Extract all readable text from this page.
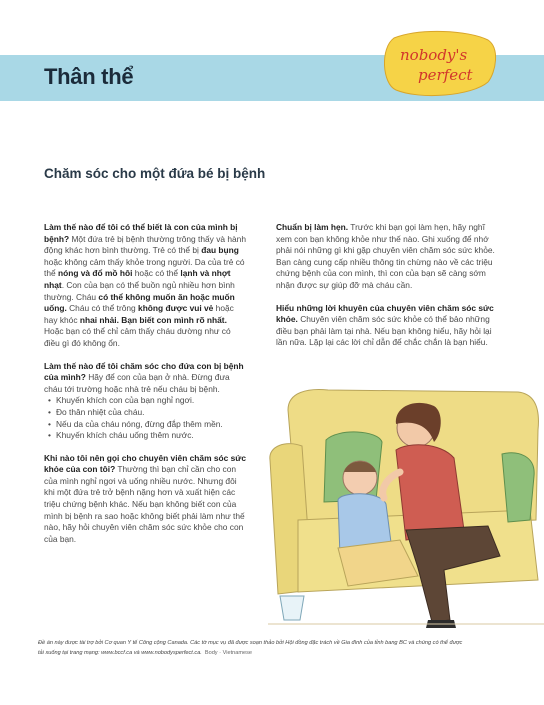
Thân thể
nobody's
perfect
Chăm sóc cho một đứa bé bị bệnh

Làm thế nào để tôi có thể biết là con của mình bị bệnh? Một đứa trẻ bị bệnh thường trông thấy và hành động khác hơn bình thường. Trẻ có thể bị đau bụng hoặc không cảm thấy khỏe trong người. Da của trẻ có thể nóng và đổ mồ hôi hoặc có thể lạnh và nhợt nhạt. Con của bạn có thể buồn ngủ nhiều hơn bình thường. Cháu có thể không muốn ăn hoặc muốn uống. Cháu có thể trông không được vui vẻ hoặc hay khóc nhai nhải. Bạn biết con mình rõ nhất. Hoặc bạn có thể chỉ cảm thấy cháu dường như có điều gì đó không ổn.

Làm thế nào để tôi chăm sóc cho đứa con bị bệnh của mình? Hãy để con của bạn ở nhà. Đừng đưa cháu tới trường hoặc nhà trẻ nếu cháu bị bệnh.

• Khuyến khích con của bạn nghỉ ngơi.
• Đo thân nhiệt của cháu.
• Nếu da của cháu nóng, đừng đắp thêm mền.
• Khuyến khích cháu uống thêm nước.

Khi nào tôi nên gọi cho chuyên viên chăm sóc sức khỏe của con tôi? Thường thì bạn chỉ cần cho con của mình nghỉ ngơi và uống nhiều nước. Nhưng đôi khi một đứa trẻ trở bệnh nặng hơn và xuất hiện các triệu chứng bệnh khác. Nếu bạn không biết con của mình bị bệnh ra sao hoặc không biết phải làm như thế nào, hãy hỏi chuyên viên chăm sóc sức khỏe cho con của bạn.

Chuẩn bị làm hẹn. Trước khi bạn gọi làm hẹn, hãy nghĩ xem con bạn không khỏe như thế nào. Ghi xuống để nhớ phải nói những gì khi gặp chuyên viên chăm sóc sức khỏe. Bạn càng cung cấp nhiều thông tin chừng nào về các triệu chứng bệnh của con mình, thì con của bạn sẽ càng sớm nhận được sự giúp đỡ mà cháu cần.

Hiểu những lời khuyên của chuyên viên chăm sóc sức khỏe. Chuyên viên chăm sóc sức khỏe có thể bảo những điều bạn phải làm tại nhà. Nếu bạn không hiểu, hãy hỏi lại lần nữa. Lặp lại các lời chỉ dẫn để chắc chắn là bạn hiểu.

Đề án này được tài trợ bởi Cơ quan Y tế Công cộng Canada. Các tờ mục vụ đã được soạn thảo bởi Hội đồng đặc trách về Gia đình của tỉnh bang BC và chúng có thể được
tải xuống tại trang mạng: www.bccf.ca và www.nobodysperfect.ca. Body · Vietnamese
